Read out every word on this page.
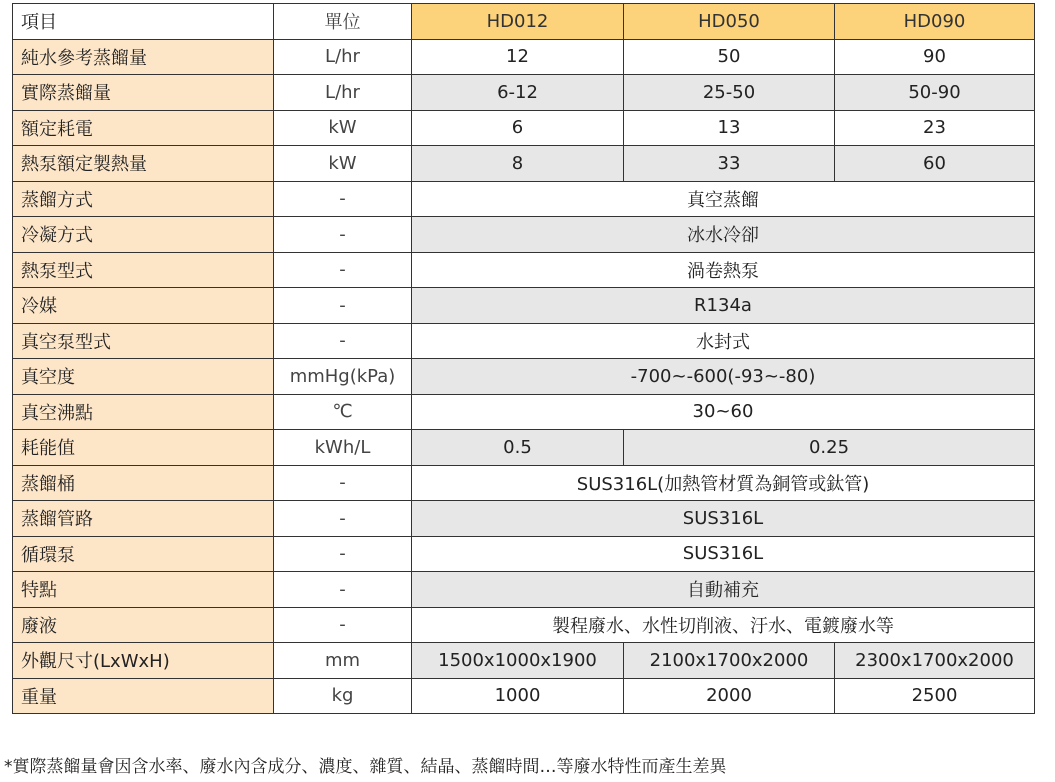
項目	單位	HD012	HD050	HD090
純水參考蒸餾量	L/hr	12	50	90
實際蒸餾量	L/hr	6-12	25-50	50-90
額定耗電	kW	6	13	23
熱泵額定製熱量	kW	8	33	60
蒸餾方式	-	真空蒸餾		
冷凝方式	-	冰水冷卻		
熱泵型式	-	渦卷熱泵		
冷媒	-	R134a		
真空泵型式	-	水封式		
真空度	mmHg(kPa)	-700~-600(-93~-80)		
真空沸點	℃	30~60		
耗能值	kWh/L	0.5	0.25	
蒸餾桶	-	SUS316L(加熱管材質為銅管或鈦管)		
蒸餾管路	-	SUS316L		
循環泵	-	SUS316L		
特點	-	自動補充		
廢液	-	製程廢水、水性切削液、汙水、電鍍廢水等		
外觀尺寸(LxWxH)	mm	1500x1000x1900	2100x1700x2000	2300x1700x2000
重量	kg	1000	2000	2500
*實際蒸餾量會因含水率、廢水內含成分、濃度、雜質、結晶、蒸餾時間…等廢水特性而產生差異
